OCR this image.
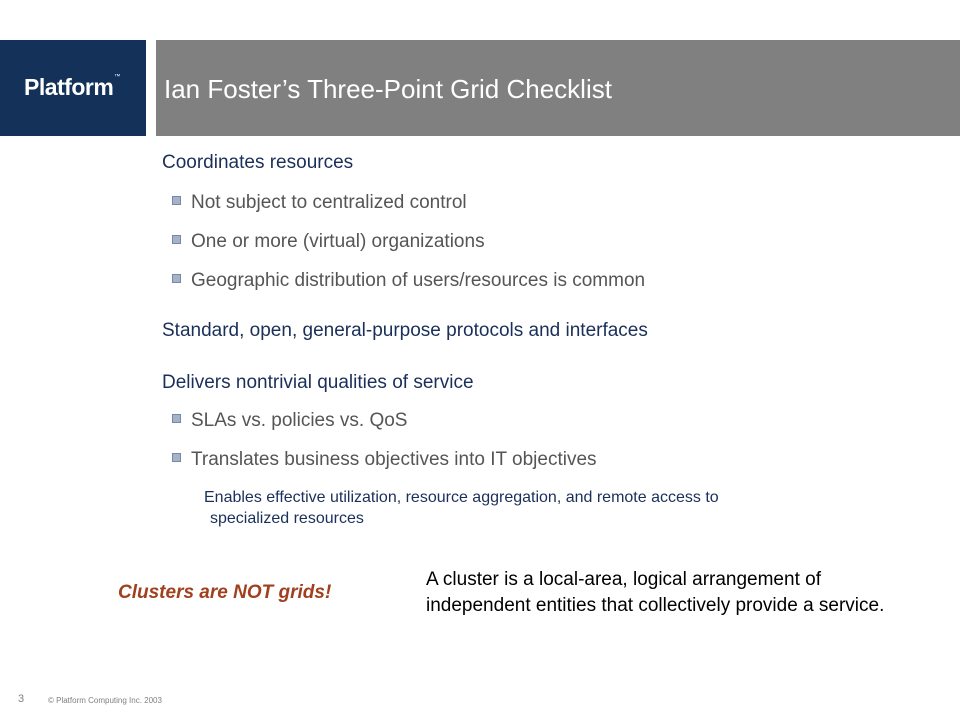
Platform™ Ian Foster’s Three-Point Grid Checklist
Coordinates resources
Not subject to centralized control
One or more (virtual) organizations
Geographic distribution of users/resources is common
Standard, open, general-purpose protocols and interfaces
Delivers nontrivial qualities of service
SLAs vs. policies vs. QoS
Translates business objectives into IT objectives
Enables effective utilization, resource aggregation, and remote access to
specialized resources
Clusters are NOT grids!
A cluster is a local-area, logical arrangement of independent entities that collectively provide a service.
3	© Platform Computing Inc. 2003
